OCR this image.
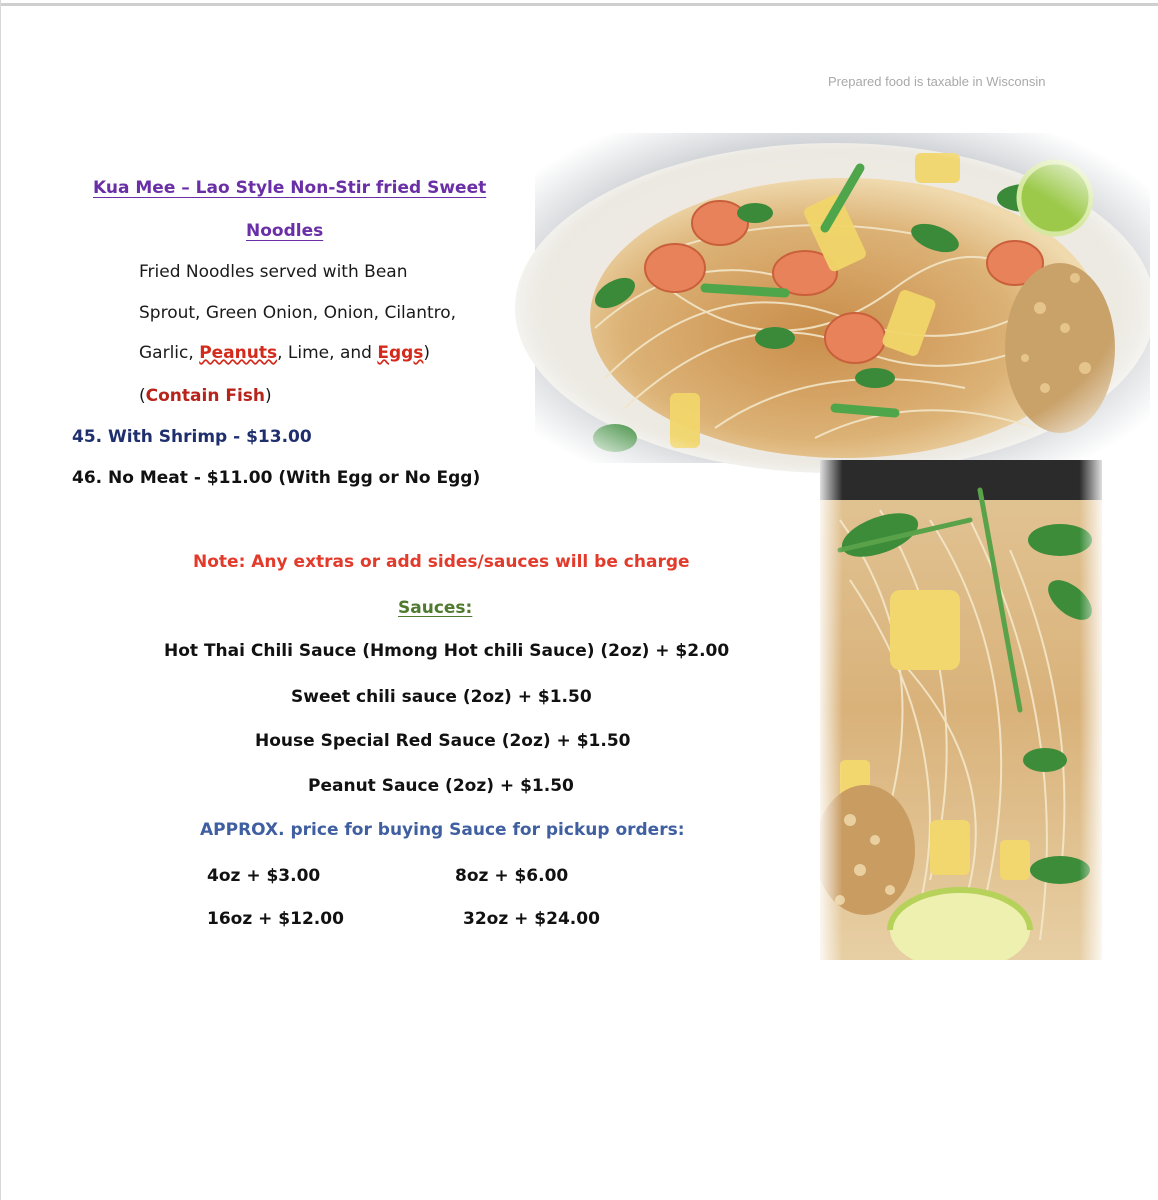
Prepared food is taxable in Wisconsin
Kua Mee – Lao Style Non-Stir fried Sweet
Noodles
Fried Noodles served with Bean
Sprout, Green Onion, Onion, Cilantro,
Garlic, Peanuts, Lime, and Eggs)
(Contain Fish)
45. With Shrimp - $13.00
46. No Meat - $11.00 (With Egg or No Egg)
Note: Any extras or add sides/sauces will be charge
Sauces:
Hot Thai Chili Sauce (Hmong Hot chili Sauce) (2oz) + $2.00
Sweet chili sauce (2oz) + $1.50
House Special Red Sauce (2oz) + $1.50
Peanut Sauce (2oz) + $1.50
APPROX. price for buying Sauce for pickup orders:
4oz + $3.00	8oz + $6.00
16oz + $12.00	32oz + $24.00
